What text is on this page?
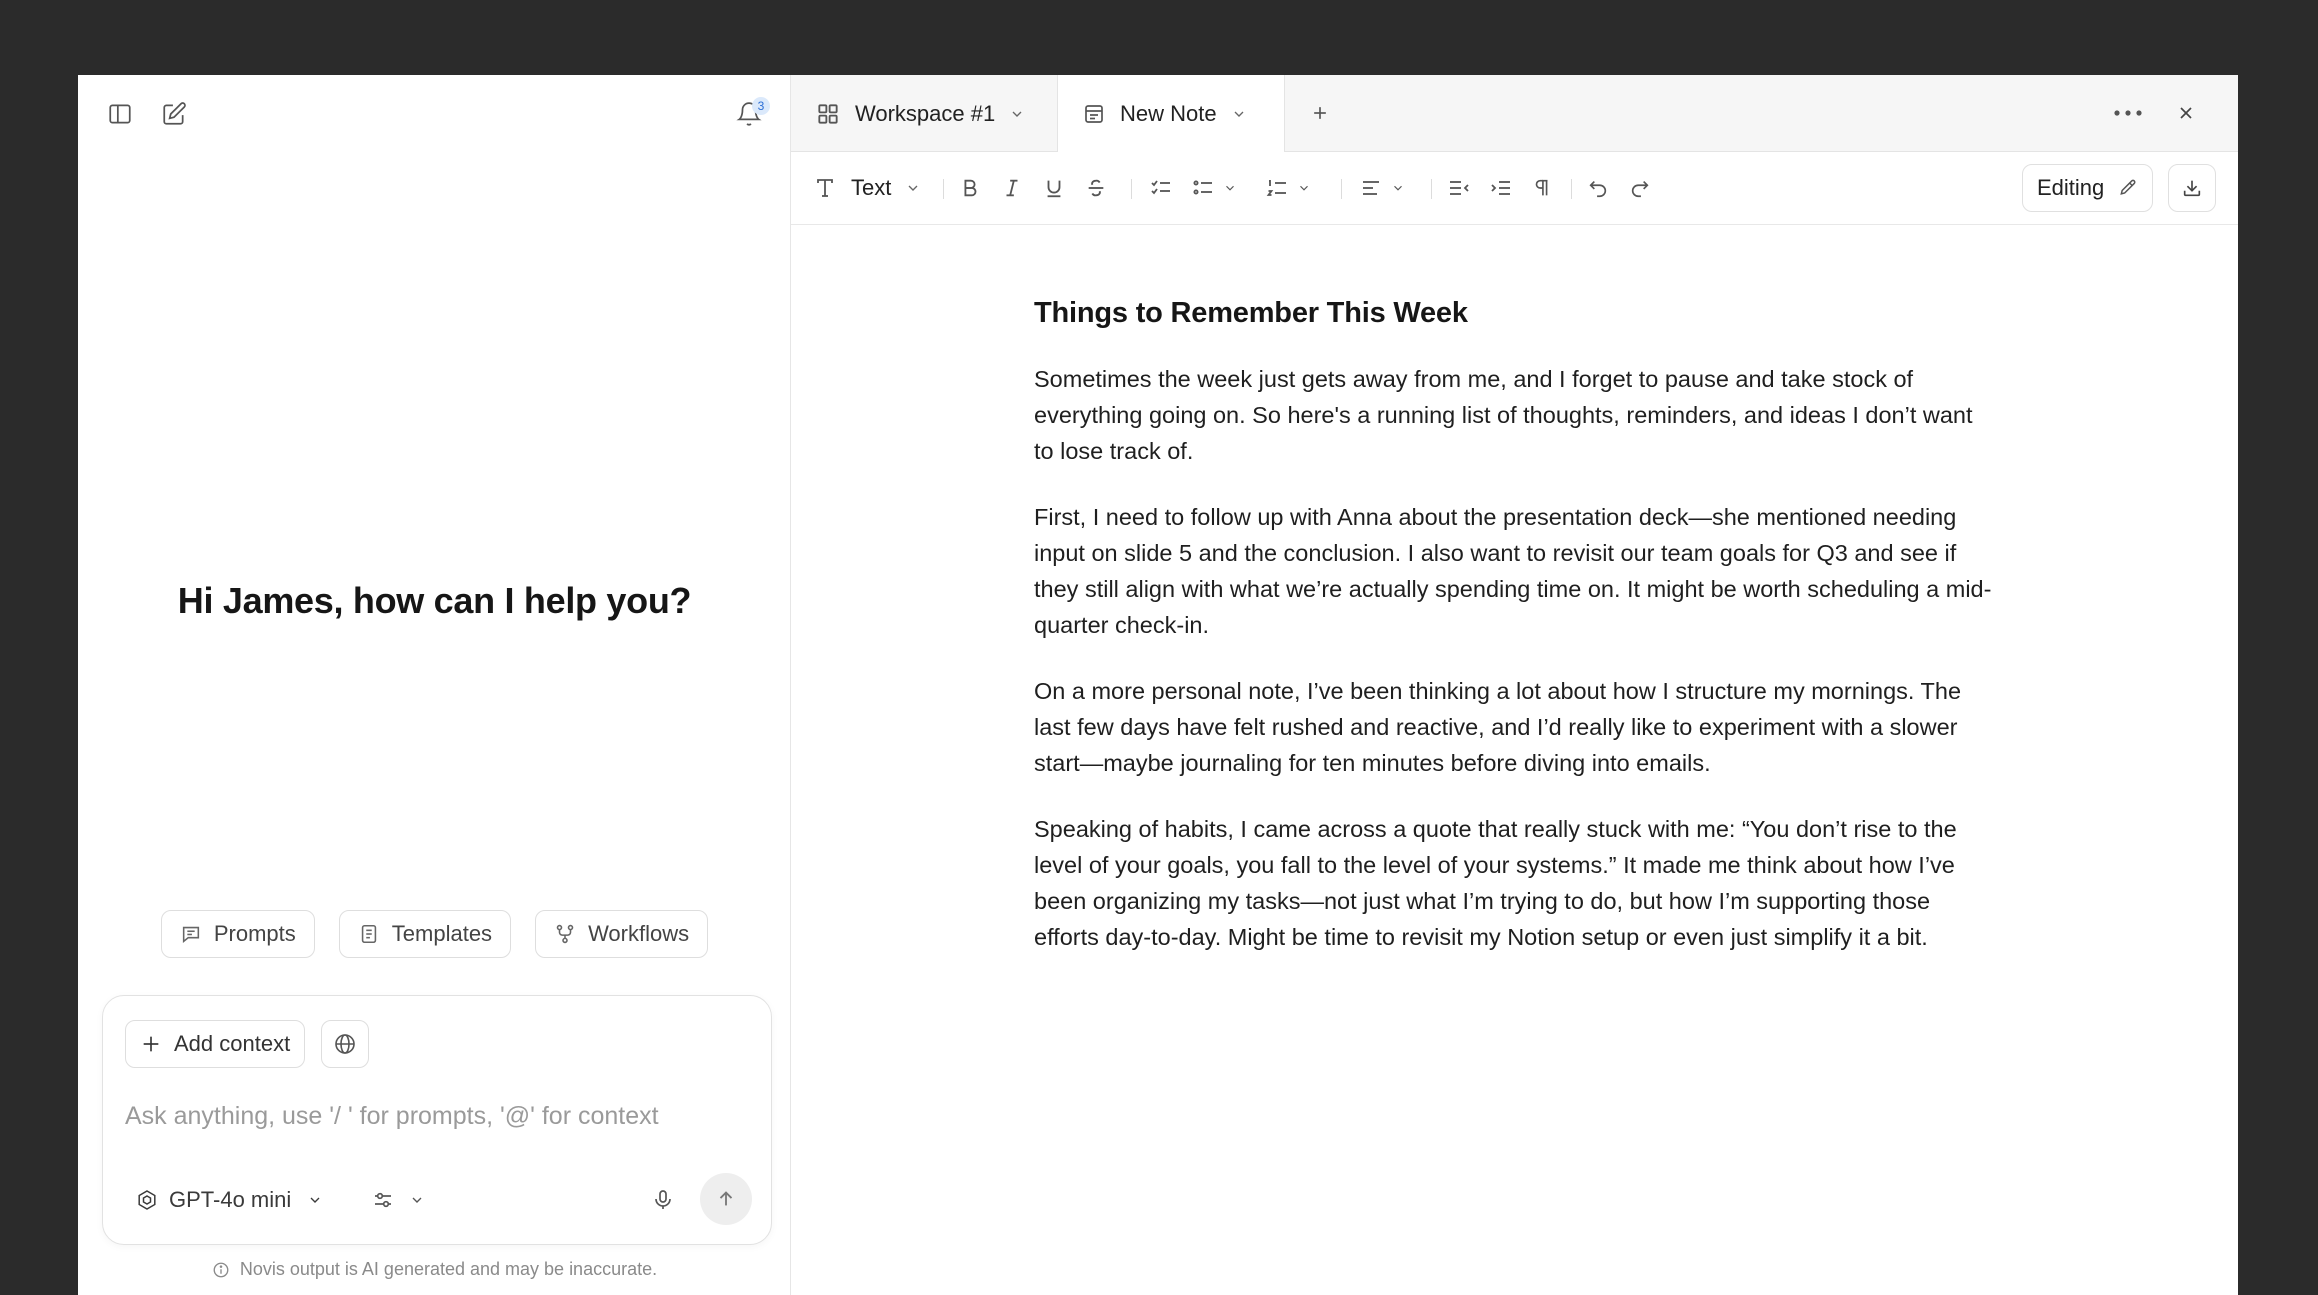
3
Hi James, how can I help you?
Prompts	Templates	Workflows
Add context
Ask anything, use '/ ' for prompts, '@' for context
GPT-4o mini
Novis output is AI generated and may be inaccurate.
Workspace #1	New Note
Text	Editing
Things to Remember This Week

Sometimes the week just gets away from me, and I forget to pause and take stock of everything going on. So here's a running list of thoughts, reminders, and ideas I don’t want to lose track of.

First, I need to follow up with Anna about the presentation deck—she mentioned needing input on slide 5 and the conclusion. I also want to revisit our team goals for Q3 and see if they still align with what we’re actually spending time on. It might be worth scheduling a mid-quarter check-in.

On a more personal note, I’ve been thinking a lot about how I structure my mornings. The last few days have felt rushed and reactive, and I’d really like to experiment with a slower start—maybe journaling for ten minutes before diving into emails.

Speaking of habits, I came across a quote that really stuck with me: “You don’t rise to the level of your goals, you fall to the level of your systems.” It made me think about how I’ve been organizing my tasks—not just what I’m trying to do, but how I’m supporting those efforts day-to-day. Might be time to revisit my Notion setup or even just simplify it a bit.
